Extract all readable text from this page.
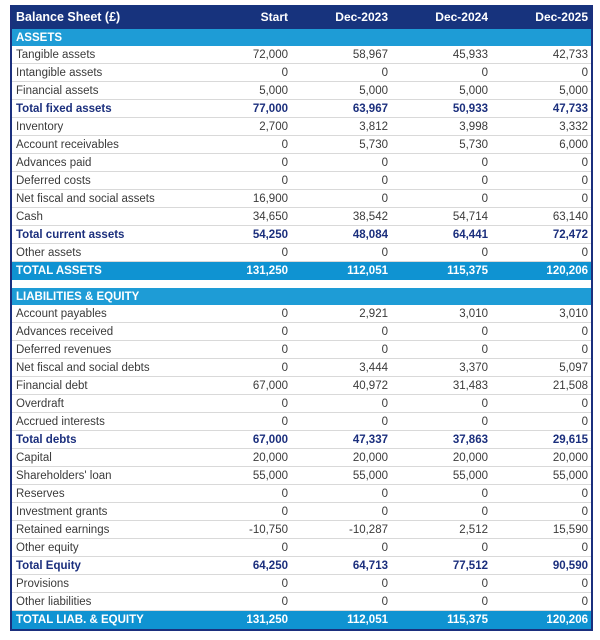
Balance Sheet (£)	Start	Dec-2023	Dec-2024	Dec-2025
ASSETS
Tangible assets	72,000	58,967	45,933	42,733
Intangible assets	0	0	0	0
Financial assets	5,000	5,000	5,000	5,000
Total fixed assets	77,000	63,967	50,933	47,733
Inventory	2,700	3,812	3,998	3,332
Account receivables	0	5,730	5,730	6,000
Advances paid	0	0	0	0
Deferred costs	0	0	0	0
Net fiscal and social assets	16,900	0	0	0
Cash	34,650	38,542	54,714	63,140
Total current assets	54,250	48,084	64,441	72,472
Other assets	0	0	0	0
TOTAL ASSETS	131,250	112,051	115,375	120,206
LIABILITIES & EQUITY
Account payables	0	2,921	3,010	3,010
Advances received	0	0	0	0
Deferred revenues	0	0	0	0
Net fiscal and social debts	0	3,444	3,370	5,097
Financial debt	67,000	40,972	31,483	21,508
Overdraft	0	0	0	0
Accrued interests	0	0	0	0
Total debts	67,000	47,337	37,863	29,615
Capital	20,000	20,000	20,000	20,000
Shareholders' loan	55,000	55,000	55,000	55,000
Reserves	0	0	0	0
Investment grants	0	0	0	0
Retained earnings	-10,750	-10,287	2,512	15,590
Other equity	0	0	0	0
Total Equity	64,250	64,713	77,512	90,590
Provisions	0	0	0	0
Other liabilities	0	0	0	0
TOTAL LIAB. & EQUITY	131,250	112,051	115,375	120,206
